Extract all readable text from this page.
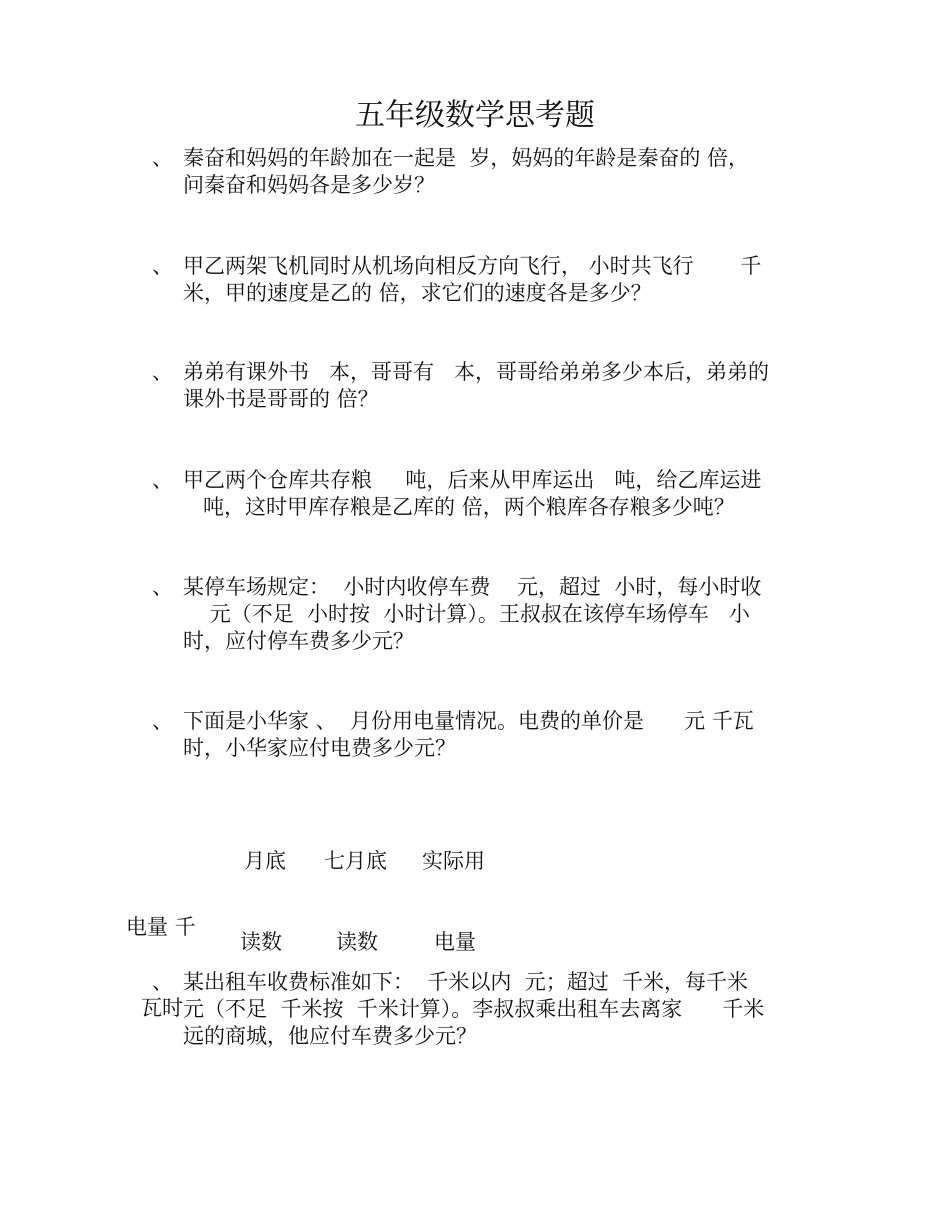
五年级数学思考题
、 秦奋和妈妈的年龄加在一起是  岁，妈妈的年龄是秦奋的 倍，
问秦奋和妈妈各是多少岁？
、 甲乙两架飞机同时从机场向相反方向飞行， 小时共飞行       千
米，甲的速度是乙的 倍，求它们的速度各是多少？
、 弟弟有课外书   本，哥哥有   本，哥哥给弟弟多少本后，弟弟的
课外书是哥哥的 倍？
、 甲乙两个仓库共存粮     吨，后来从甲库运出   吨，给乙库运进
吨，这时甲库存粮是乙库的 倍，两个粮库各存粮多少吨？
、 某停车场规定：  小时内收停车费    元，超过  小时，每小时收
元（不足  小时按  小时计算）。王叔叔在该停车场停车   小
时，应付停车费多少元？
、 下面是小华家 、  月份用电量情况。电费的单价是      元 千瓦
时，小华家应付电费多少元？

月底

读数

七月底

读数

实际用

电量

电量 千

瓦时

、 某出租车收费标准如下：  千米以内  元；超过  千米，每千米
元（不足  千米按  千米计算）。李叔叔乘出租车去离家      千米
远的商城，他应付车费多少元？
